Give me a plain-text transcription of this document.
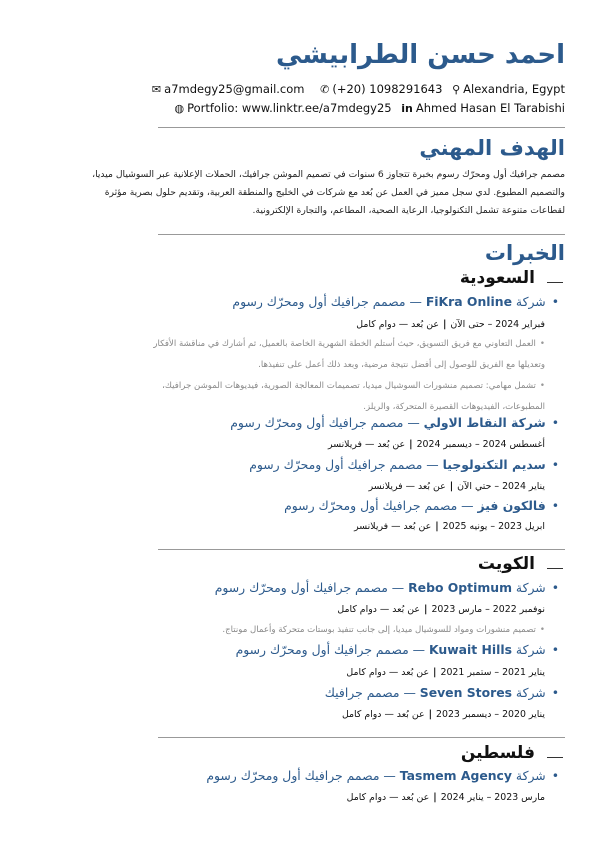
احمد حسن الطرابيشي
✉ a7mdegy25@gmail.com ✆ (+20) 1098291643 ⚲ Alexandria, Egypt
◍ Portfolio: www.linktr.ee/a7mdegy25 in Ahmed Hasan El Tarabishi
الهدف المهني
مصمم جرافيك أول ومحرّك رسوم بخبرة تتجاوز 6 سنوات في تصميم الموشن جرافيك، الحملات الإعلانية عبر السوشيال ميديا،
والتصميم المطبوع. لدي سجل مميز في العمل عن بُعد مع شركات في الخليج والمنطقة العربية، وتقديم حلول بصرية مؤثرة
لقطاعات متنوعة تشمل التكنولوجيا، الرعاية الصحية، المطاعم، والتجارة الإلكترونية.
الخبرات
السعودية
•شركة FiKra Online — مصمم جرافيك أول ومحرّك رسوم
فبراير 2024 – حتى الآن|عن بُعد — دوام كامل
•العمل التعاوني مع فريق التسويق، حيث أستلم الخطة الشهرية الخاصة بالعميل، ثم أشارك في مناقشة الأفكار
وتعديلها مع الفريق للوصول إلى أفضل نتيجة مرضية، وبعد ذلك أعمل على تنفيذها.
•تشمل مهامي: تصميم منشورات السوشيال ميديا، تصميمات المعالجة الصورية، فيديوهات الموشن جرافيك،
المطبوعات، الفيديوهات القصيرة المتحركة، والريلز.
•شركة النقاط الاولي — مصمم جرافيك أول ومحرّك رسوم
أغسطس 2024 – ديسمبر 2024|عن بُعد — فريلانسر
•سديم التكنولوجيا — مصمم جرافيك أول ومحرّك رسوم
يناير 2024 – حتي الآن|عن بُعد — فريلانسر
•فالكون فيز — مصمم جرافيك أول ومحرّك رسوم
ابريل 2023 – يونيه 2025|عن بُعد — فريلانسر
الكويت
•شركة Rebo Optimum — مصمم جرافيك أول ومحرّك رسوم
نوفمبر 2022 – مارس 2023|عن بُعد — دوام كامل
•تصميم منشورات ومواد للسوشيال ميديا، إلى جانب تنفيذ بوستات متحركة وأعمال مونتاج.
•شركة Kuwait Hills — مصمم جرافيك أول ومحرّك رسوم
يناير 2021 – ستمبر 2021|عن بُعد — دوام كامل
•شركة Seven Stores — مصمم جرافيك
يناير 2020 – ديسمبر 2023|عن بُعد — دوام كامل
فلسطين
•شركة Tasmem Agency — مصمم جرافيك أول ومحرّك رسوم
مارس 2023 – يناير 2024|عن بُعد — دوام كامل
